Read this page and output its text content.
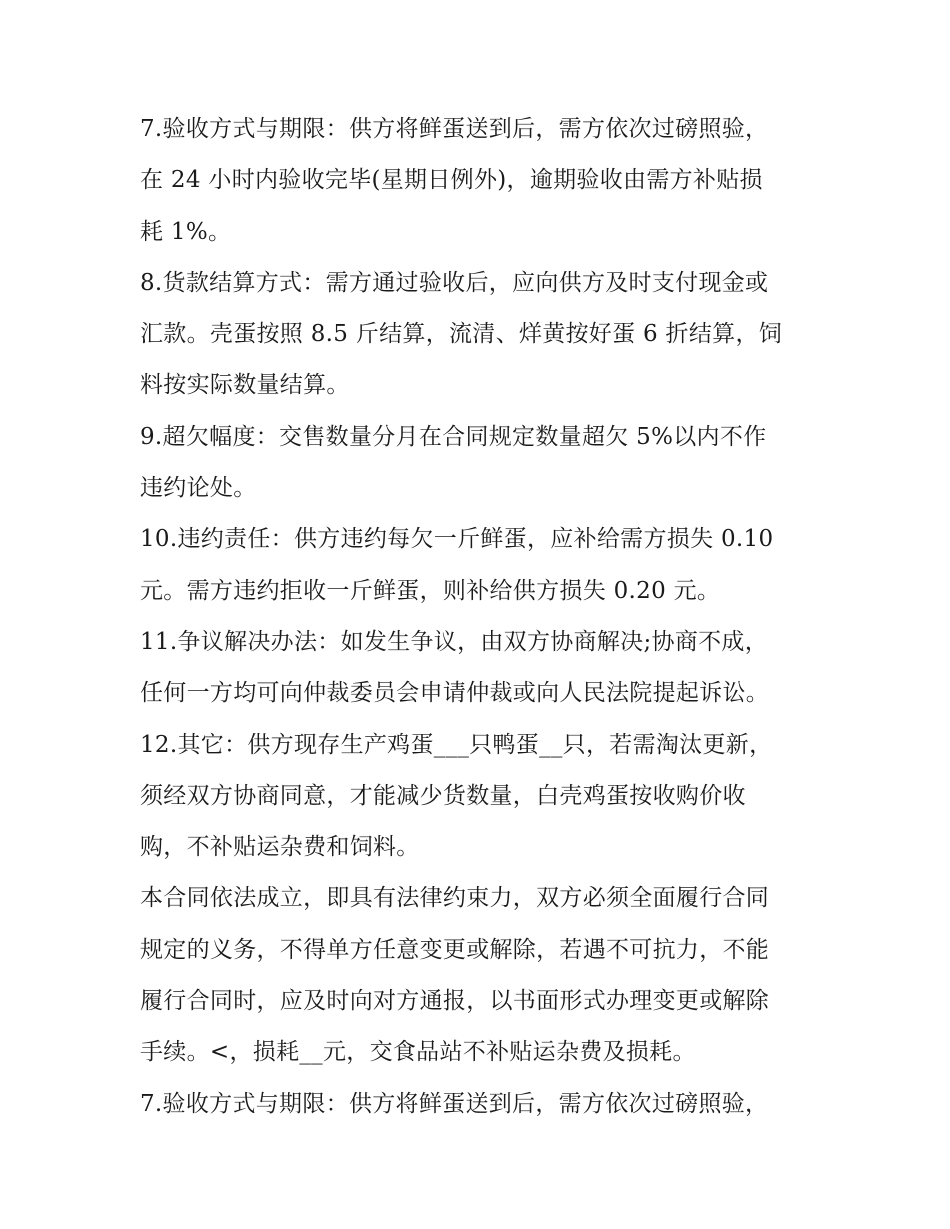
7.验收方式与期限：供方将鲜蛋送到后，需方依次过磅照验，
在 24 小时内验收完毕(星期日例外)，逾期验收由需方补贴损
耗 1%。
8.货款结算方式：需方通过验收后，应向供方及时支付现金或
汇款。壳蛋按照 8.5 斤结算，流清、烊黄按好蛋 6 折结算，饲
料按实际数量结算。
9.超欠幅度：交售数量分月在合同规定数量超欠 5%以内不作
违约论处。
10.违约责任：供方违约每欠一斤鲜蛋，应补给需方损失 0.10
元。需方违约拒收一斤鲜蛋，则补给供方损失 0.20 元。
11.争议解决办法：如发生争议，由双方协商解决;协商不成，
任何一方均可向仲裁委员会申请仲裁或向人民法院提起诉讼。
12.其它：供方现存生产鸡蛋___只鸭蛋__只，若需淘汰更新，
须经双方协商同意，才能减少货数量，白壳鸡蛋按收购价收
购，不补贴运杂费和饲料。
本合同依法成立，即具有法律约束力，双方必须全面履行合同
规定的义务，不得单方任意变更或解除，若遇不可抗力，不能
履行合同时，应及时向对方通报，以书面形式办理变更或解除
手续。<，损耗__元，交食品站不补贴运杂费及损耗。
7.验收方式与期限：供方将鲜蛋送到后，需方依次过磅照验，
